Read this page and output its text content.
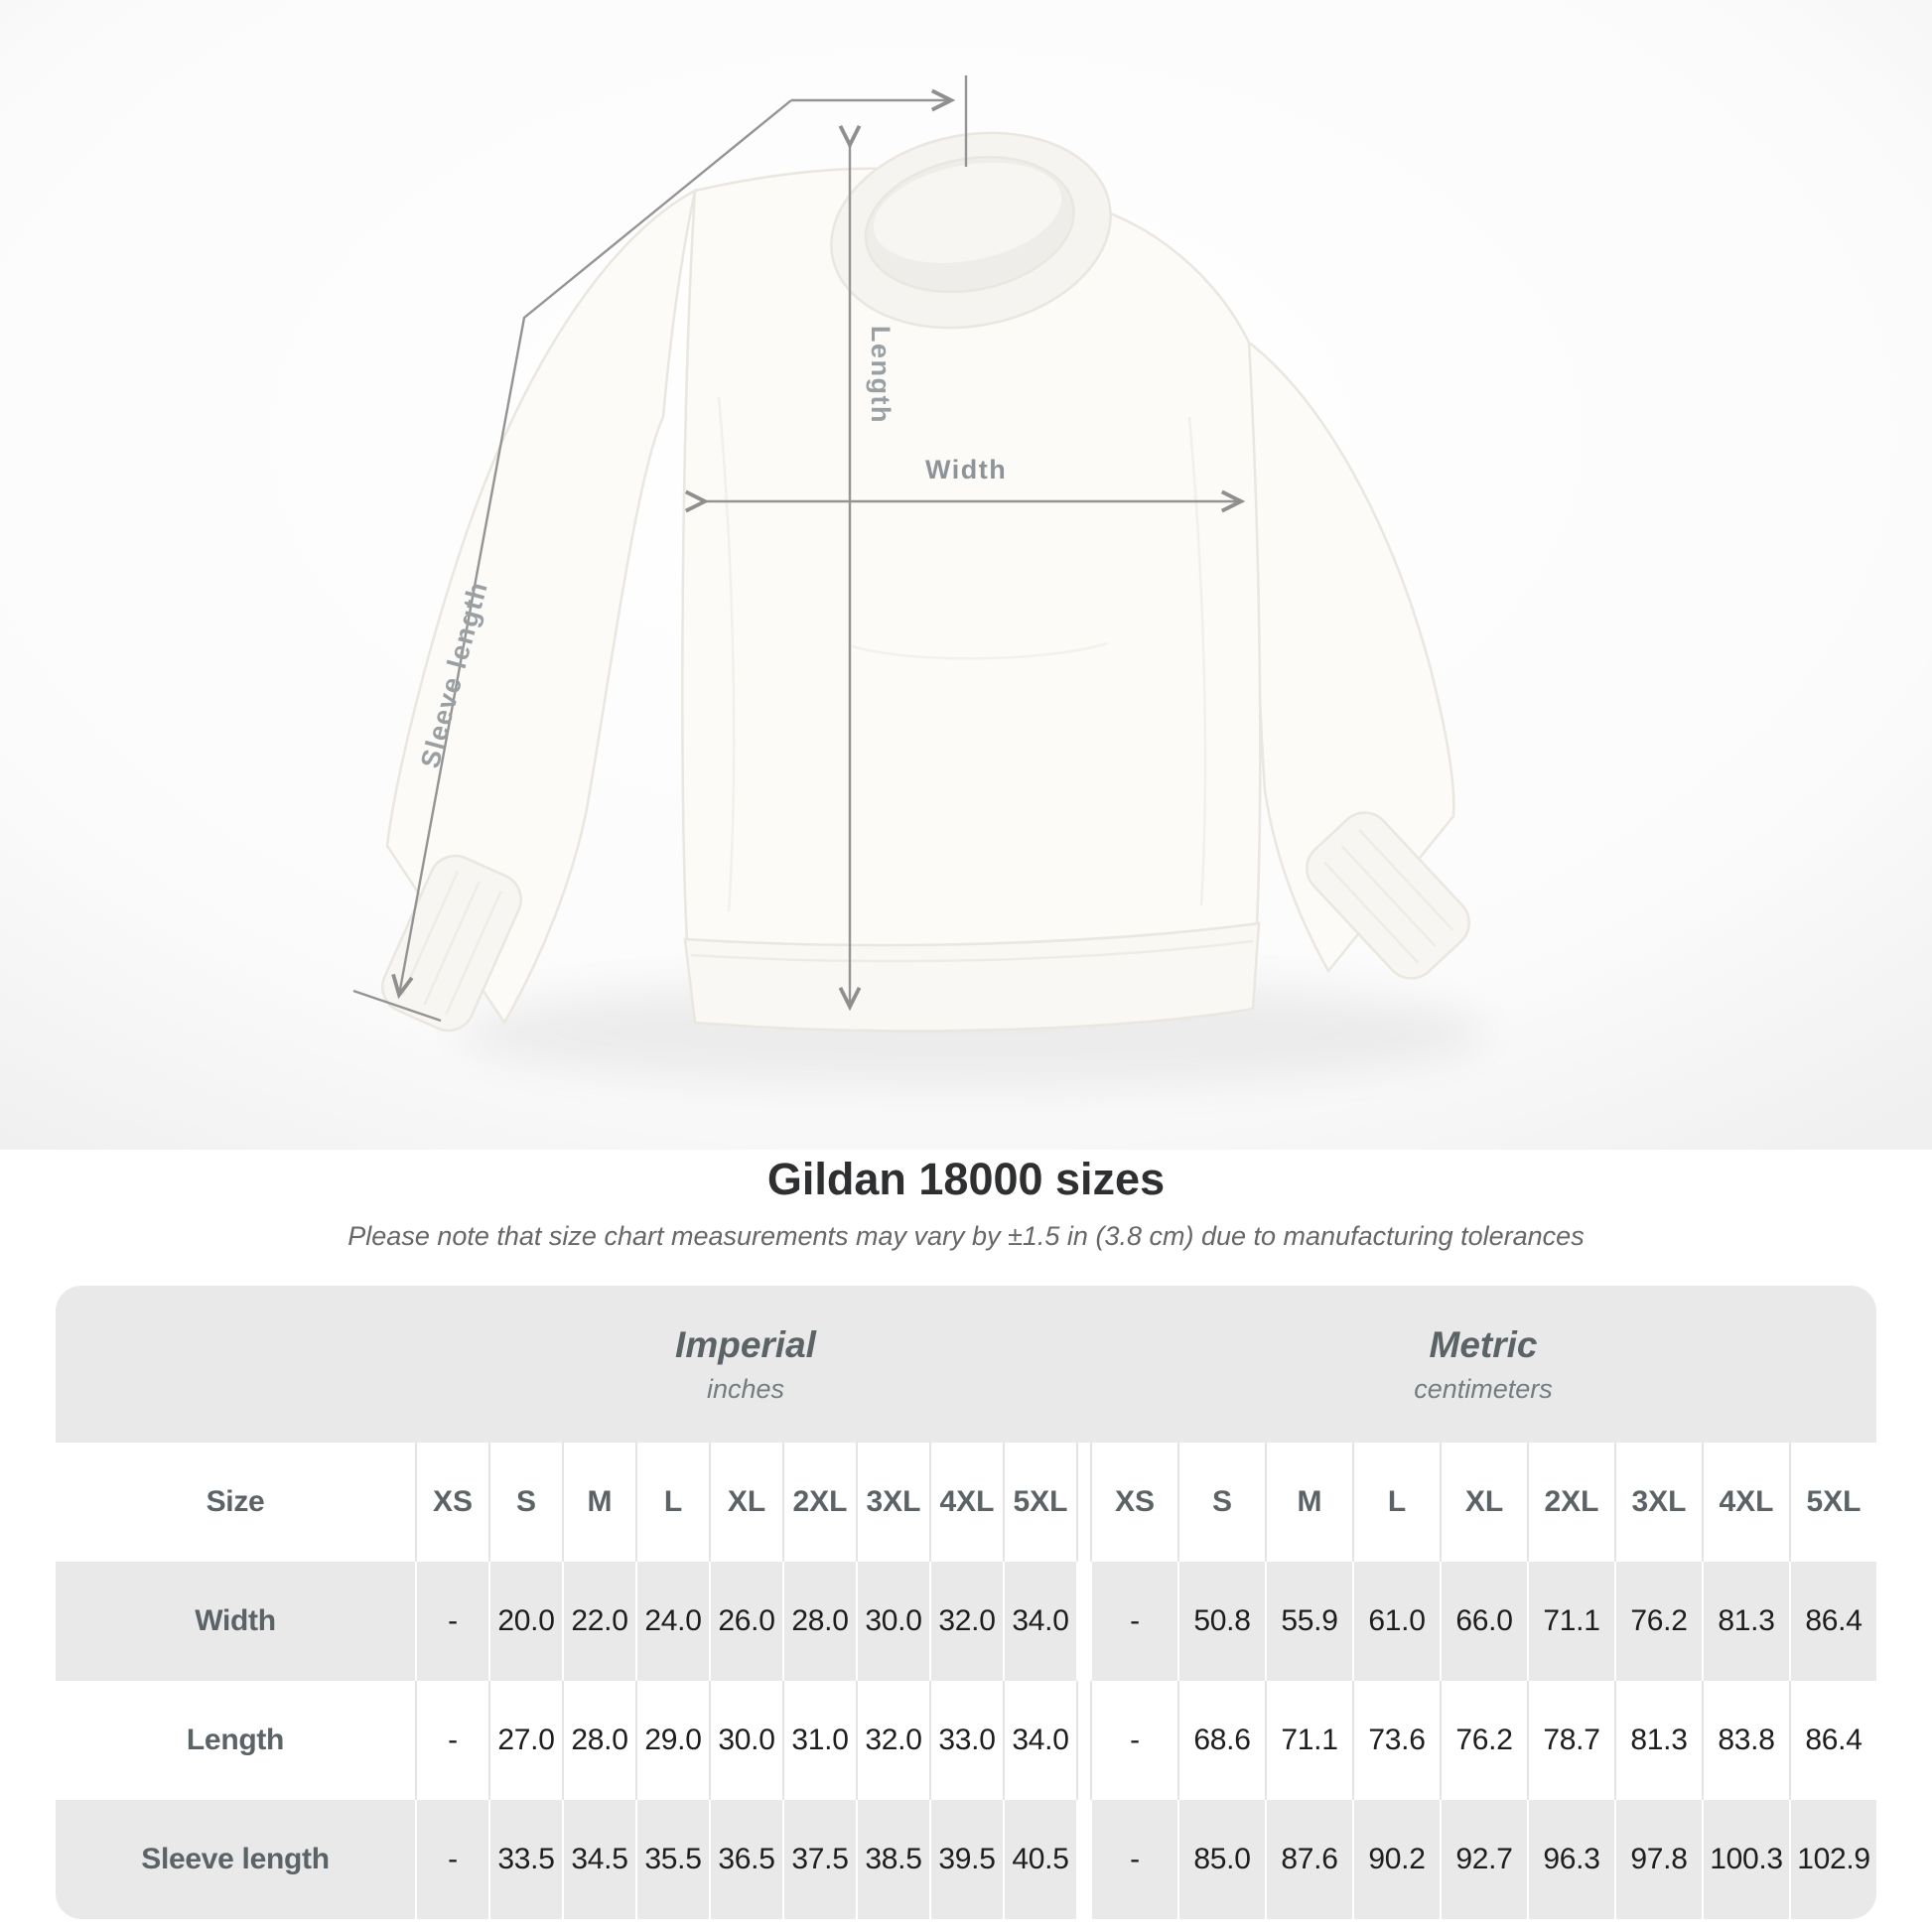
Length
Width
Sleeve length
Gildan 18000 sizes

Please note that size chart measurements may vary by ±1.5 in (3.8 cm) due to manufacturing tolerances

Imperial
inches
Metric
centimeters
Size	XS	S	M	L	XL 2XL 3XL 4XL 5XL	XS	S	M	L	XL	2XL	3XL	4XL	5XL
Width	-	20.0 22.0 24.0 26.0 28.0 30.0 32.0 34.0	-	50.8	55.9	61.0	66.0	71.1	76.2	81.3	86.4
Length	-	27.0 28.0 29.0 30.0 31.0 32.0 33.0 34.0	-	68.6	71.1	73.6	76.2	78.7	81.3	83.8	86.4
Sleeve length	-	33.5 34.5 35.5 36.5 37.5 38.5 39.5 40.5	-	85.0	87.6	90.2	92.7	96.3	97.8 100.3 102.9
